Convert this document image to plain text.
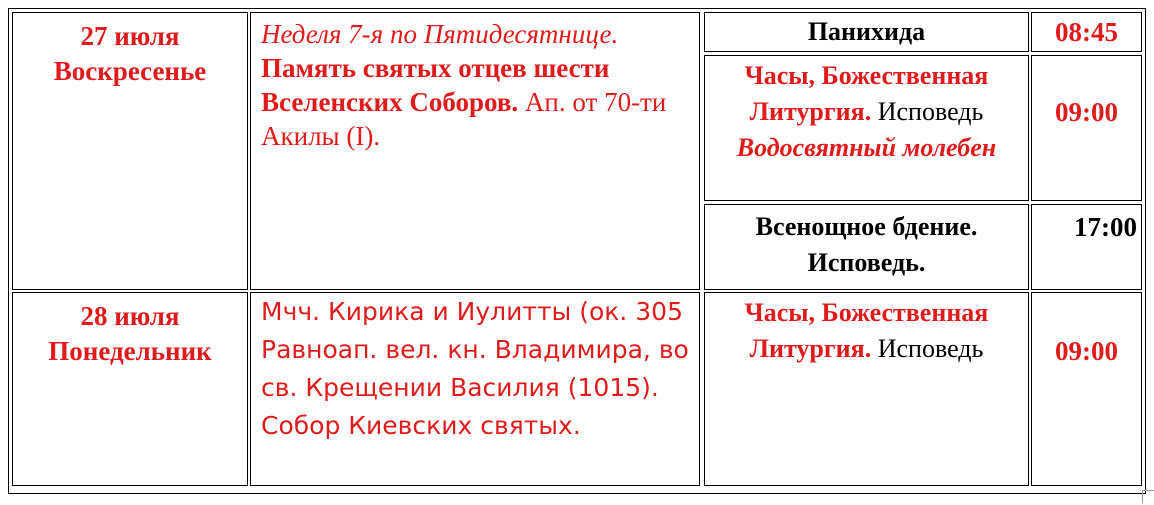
27 июля
Воскресенье
Неделя 7-я по Пятидесятнице. Память святых отцев шести Вселенских Соборов. Ап. от 70-ти Акилы (I).
Панихида	08:45
Часы, Божественная Литургия. Исповедь
Водосвятный молебен
09:00
Всенощное бдение. Исповедь.
17:00
28 июля
Понедельник
Мчч. Кирика и Иулитты (ок. 305 Равноап. вел. кн. Владимира, во св. Крещении Василия (1015). Собор Киевских святых.
Часы, Божественная Литургия. Исповедь	09:00
